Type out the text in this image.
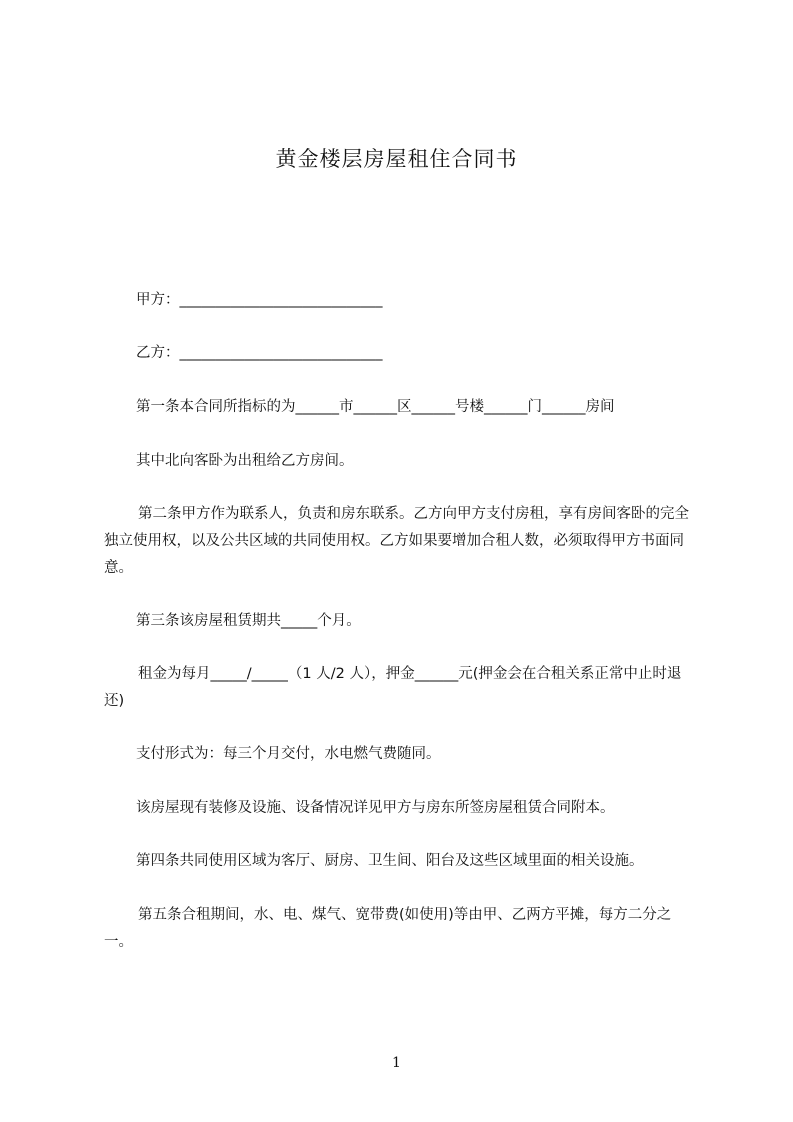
黄金楼层房屋租住合同书

甲方：____________________________

乙方：____________________________

第一条本合同所指标的为______市______区______号楼______门______房间

其中北向客卧为出租给乙方房间。

第二条甲方作为联系人，负责和房东联系。乙方向甲方支付房租，享有房间客卧的完全独立使用权，以及公共区域的共同使用权。乙方如果要增加合租人数，必须取得甲方书面同意。

第三条该房屋租赁期共_____个月。

租金为每月_____/_____（1 人/2 人），押金______元(押金会在合租关系正常中止时退还)

支付形式为：每三个月交付，水电燃气费随同。

该房屋现有装修及设施、设备情况详见甲方与房东所签房屋租赁合同附本。

第四条共同使用区域为客厅、厨房、卫生间、阳台及这些区域里面的相关设施。

第五条合租期间，水、电、煤气、宽带费(如使用)等由甲、乙两方平摊，每方二分之一。

1
